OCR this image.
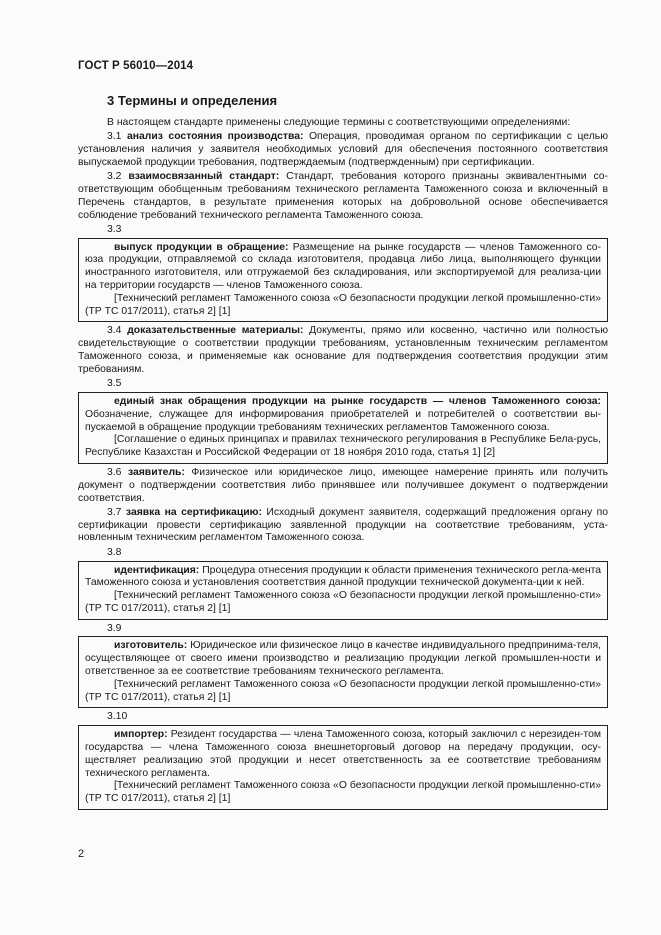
ГОСТ Р 56010—2014
3 Термины и определения

В настоящем стандарте применены следующие термины с соответствующими определениями:

3.1 анализ состояния производства: Операция, проводимая органом по сертификации с целью установления наличия у заявителя необходимых условий для обеспечения постоянного соответствия выпускаемой продукции требования, подтверждаемым (подтвержденным) при сертификации.

3.2 взаимосвязанный стандарт: Стандарт, требования которого признаны эквивалентными со-ответствующим обобщенным требованиям технического регламента Таможенного союза и включенный в Перечень стандартов, в результате применения которых на добровольной основе обеспечивается соблюдение требований технического регламента Таможенного союза.

3.3

выпуск продукции в обращение: Размещение на рынке государств — членов Таможенного со-юза продукции, отправляемой со склада изготовителя, продавца либо лица, выполняющего функции иностранного изготовителя, или отгружаемой без складирования, или экспортируемой для реализа-ции на территории государств — членов Таможенного союза.

[Технический регламент Таможенного союза «О безопасности продукции легкой промышленно-сти» (ТР ТС 017/2011), статья 2] [1]

3.4 доказательственные материалы: Документы, прямо или косвенно, частично или полностью свидетельствующие о соответствии продукции требованиям, установленным техническим регламентом Таможенного союза, и применяемые как основание для подтверждения соответствия продукции этим требованиям.

3.5

единый знак обращения продукции на рынке государств — членов Таможенного союза: Обозначение, служащее для информирования приобретателей и потребителей о соответствии вы-пускаемой в обращение продукции требованиям технических регламентов Таможенного союза.

[Соглашение о единых принципах и правилах технического регулирования в Республике Бела-русь, Республике Казахстан и Российской Федерации от 18 ноября 2010 года, статья 1] [2]

3.6 заявитель: Физическое или юридическое лицо, имеющее намерение принять или получить документ о подтверждении соответствия либо принявшее или получившее документ о подтверждении соответствия.

3.7 заявка на сертификацию: Исходный документ заявителя, содержащий предложения органу по сертификации провести сертификацию заявленной продукции на соответствие требованиям, уста-новленным техническим регламентом Таможенного союза.

3.8

идентификация: Процедура отнесения продукции к области применения технического регла-мента Таможенного союза и установления соответствия данной продукции технической документа-ции к ней.

[Технический регламент Таможенного союза «О безопасности продукции легкой промышленно-сти» (ТР ТС 017/2011), статья 2] [1]

3.9

изготовитель: Юридическое или физическое лицо в качестве индивидуального предпринима-теля, осуществляющее от своего имени производство и реализацию продукции легкой промышлен-ности и ответственное за ее соответствие требованиям технического регламента.

[Технический регламент Таможенного союза «О безопасности продукции легкой промышленно-сти» (ТР ТС 017/2011), статья 2] [1]

3.10

импортер: Резидент государства — члена Таможенного союза, который заключил с нерезиден-том государства — члена Таможенного союза внешнеторговый договор на передачу продукции, осу-ществляет реализацию этой продукции и несет ответственность за ее соответствие требованиям технического регламента.

[Технический регламент Таможенного союза «О безопасности продукции легкой промышленно-сти» (ТР ТС 017/2011), статья 2] [1]

2
